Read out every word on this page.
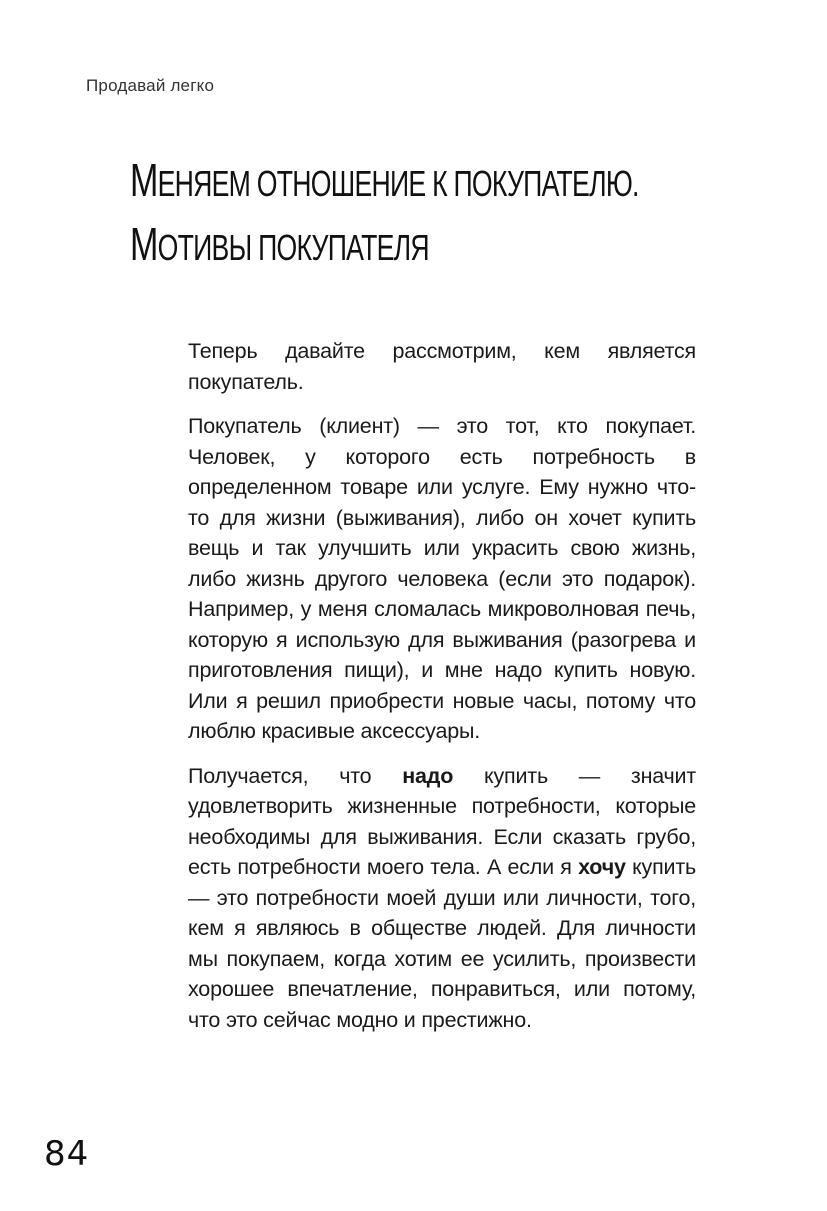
Продавай легко
МЕНЯЕМ ОТНОШЕНИЕ К ПОКУПАТЕЛЮ.
МОТИВЫ ПОКУПАТЕЛЯ

Теперь давайте рассмотрим, кем является покупатель.

Покупатель (клиент) — это тот, кто покупает. Человек, у которого есть потребность в определенном товаре или услуге. Ему нужно что-то для жизни (выживания), либо он хочет купить вещь и так улучшить или украсить свою жизнь, либо жизнь другого человека (если это подарок). Например, у меня сломалась микроволновая печь, которую я использую для выживания (разогрева и приготовления пищи), и мне надо купить новую. Или я решил приобрести новые часы, потому что люблю красивые аксессуары.

Получается, что надо купить — значит удовлетворить жизненные потребности, которые необходимы для выживания. Если сказать грубо, есть потребности моего тела. А если я хочу купить — это потребности моей души или личности, того, кем я являюсь в обществе людей. Для личности мы покупаем, когда хотим ее усилить, произвести хорошее впечатление, понравиться, или потому, что это сейчас модно и престижно.

84
